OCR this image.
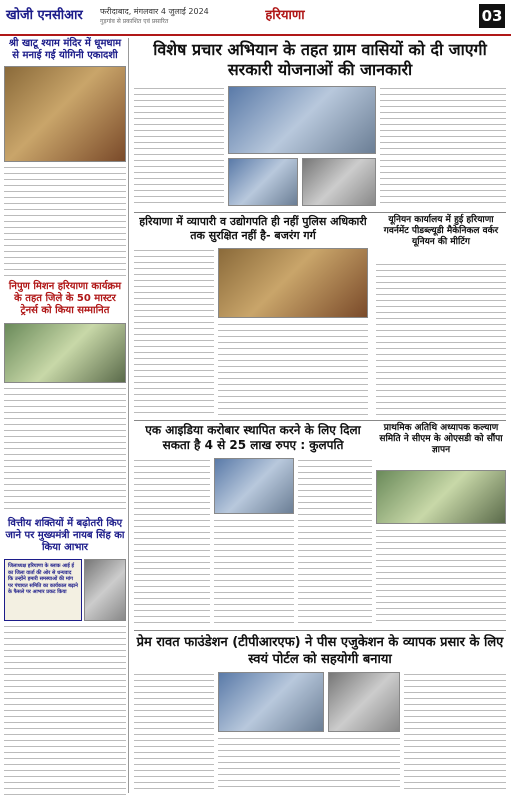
खोजी एनसीआर फरीदाबाद, मंगलवार 4 जुलाई 2024
गुड़गांव से प्रकाशित एवं प्रसारित	हरियाणा	03
श्री खाटू श्याम मंदिर में धूमधाम से मनाई गई योगिनी एकादशी
निपुण मिशन हरियाणा कार्यक्रम के तहत जिले के 50 मास्टर ट्रेनर्स को किया सम्मानित
वित्तीय शक्तियों में बढ़ोतरी किए जाने पर मुख्यमंत्री नायब सिंह का किया आभार

जिलाध्यक्ष हरियाणा के ब्लाक आई ई का जिला वार्ता की ओर से धन्यवाद कि उन्होंने हमारी समस्याओं की मांग पर पंचायत समिति का कार्यकाल बढ़ाने के फैसले पर आभार प्रकट किया

विशेष प्रचार अभियान के तहत ग्राम वासियों को दी जाएगी सरकारी योजनाओं की जानकारी
हरियाणा में व्यापारी व उद्योगपति ही नहीं पुलिस अधिकारी तक सुरक्षित नहीं है- बजरंग गर्ग
यूनियन कार्यालय में हुई हरियाणा गवर्नमेंट पीडब्ल्यूडी मैकेनिकल वर्कर यूनियन की मीटिंग
एक आइडिया करोबार स्थापित करने के लिए दिला सकता है 4 से 25 लाख रुपए : कुलपति
प्राथमिक अतिथि अध्यापक कल्याण समिति ने सीएम के ओएसडी को सौंपा ज्ञापन
प्रेम रावत फाउंडेशन (टीपीआरएफ) ने पीस एजुकेशन के व्यापक प्रसार के लिए स्वयं पोर्टल को सहयोगी बनाया
